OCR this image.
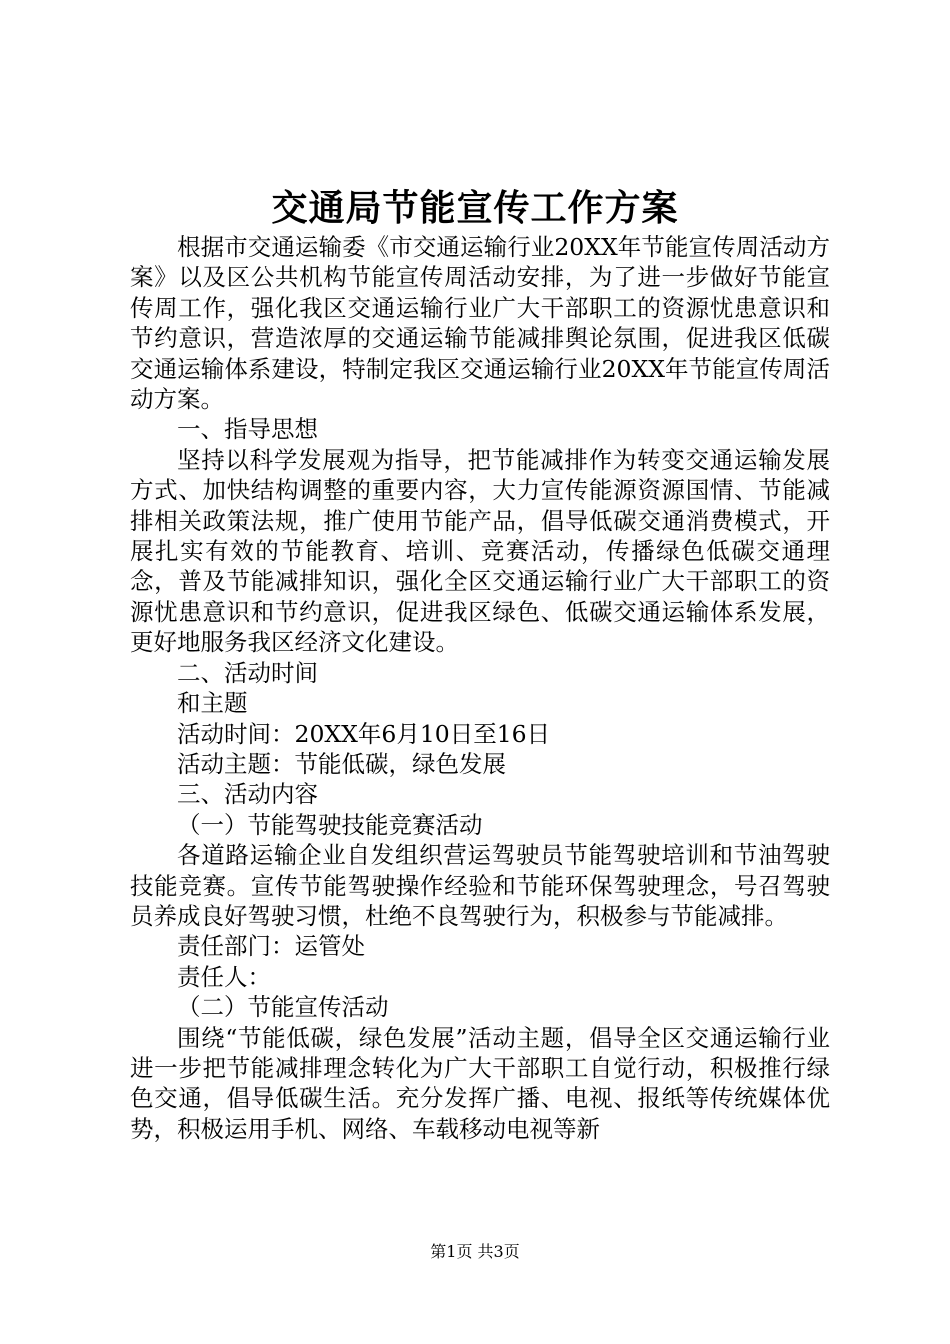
交通局节能宣传工作方案

根据市交通运输委《市交通运输行业20XX年节能宣传周活动方案》以及区公共机构节能宣传周活动安排，为了进一步做好节能宣传周工作，强化我区交通运输行业广大干部职工的资源忧患意识和节约意识，营造浓厚的交通运输节能减排舆论氛围，促进我区低碳交通运输体系建设，特制定我区交通运输行业20XX年节能宣传周活动方案。

一、指导思想

坚持以科学发展观为指导，把节能减排作为转变交通运输发展方式、加快结构调整的重要内容，大力宣传能源资源国情、节能减排相关政策法规，推广使用节能产品，倡导低碳交通消费模式，开展扎实有效的节能教育、培训、竞赛活动，传播绿色低碳交通理念，普及节能减排知识，强化全区交通运输行业广大干部职工的资源忧患意识和节约意识，促进我区绿色、低碳交通运输体系发展，更好地服务我区经济文化建设。

二、活动时间

和主题

活动时间：20XX年6月10日至16日

活动主题：节能低碳，绿色发展

三、活动内容

（一）节能驾驶技能竞赛活动

各道路运输企业自发组织营运驾驶员节能驾驶培训和节油驾驶技能竞赛。宣传节能驾驶操作经验和节能环保驾驶理念，号召驾驶员养成良好驾驶习惯，杜绝不良驾驶行为，积极参与节能减排。

责任部门：运管处

责任人：

（二）节能宣传活动

围绕“节能低碳，绿色发展”活动主题，倡导全区交通运输行业进一步把节能减排理念转化为广大干部职工自觉行动，积极推行绿色交通，倡导低碳生活。充分发挥广播、电视、报纸等传统媒体优势，积极运用手机、网络、车载移动电视等新

第1页 共3页
